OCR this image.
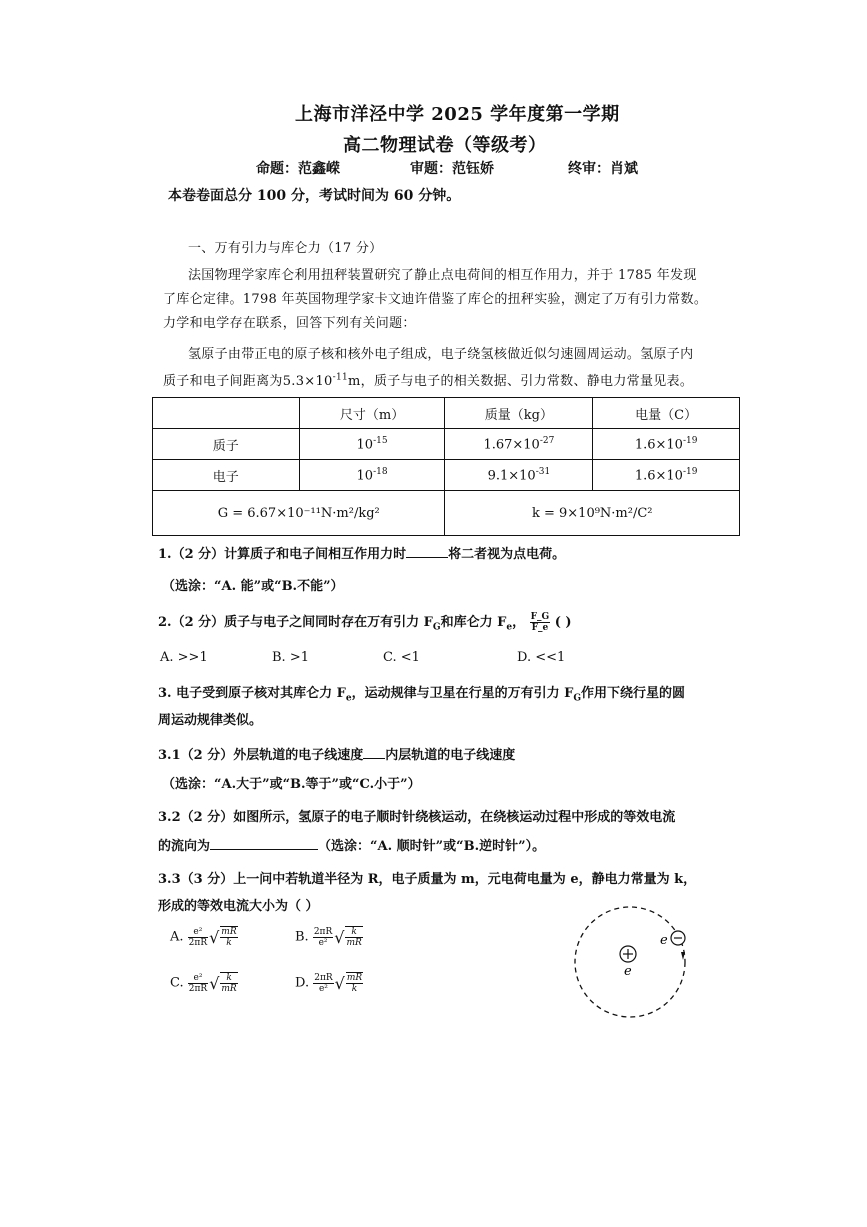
上海市洋泾中学 2025 学年度第一学期
高二物理试卷（等级考）
命题：范鑫嵘	审题：范钰娇	终审：肖斌
本卷卷面总分 100 分，考试时间为 60 分钟。
一、万有引力与库仑力（17 分）
法国物理学家库仑利用扭秤装置研究了静止点电荷间的相互作用力，并于 1785 年发现
了库仑定律。1798 年英国物理学家卡文迪许借鉴了库仑的扭秤实验，测定了万有引力常数。
力学和电学存在联系，回答下列有关问题：
氢原子由带正电的原子核和核外电子组成，电子绕氢核做近似匀速圆周运动。氢原子内
质子和电子间距离为$5.3\times 10^{-11}m$，质子与电子的相关数据、引力常数、静电力常量见表。
	尺寸（m）	质量（kg）	电量（C）
质子	$10^{-15}$	$1.67\times 10^{-27}$	$1.6\times 10^{-19}$
电子	$10^{-18}$	$9.1\times 10^{-31}$	$1.6\times 10^{-19}$
G = 6.67×10⁻¹¹N·m²/kg²		k = 9×10⁹N·m²/C²	
1.（2 分）计算质子和电子间相互作用力时	将二者视为点电荷。
（选涂：“A. 能”或“B.不能”）
2.（2 分）质子与电子之间同时存在万有引力 $F_G$和库仑力 $F_e$， $\frac{F\_G}{F\_e}$ ( )
A. >>1	B. >1	C. <1	D. <<1
3. 电子受到原子核对其库仑力 $F_e$，运动规律与卫星在行星的万有引力 $F_G$作用下绕行星的圆
周运动规律类似。
3.1（2 分）外层轨道的电子线速度 内层轨道的电子线速度
（选涂：“A.大于”或“B.等于”或“C.小于”）
3.2（2 分）如图所示，氢原子的电子顺时针绕核运动，在绕核运动过程中形成的等效电流
的流向为	（选涂：“A. 顺时针”或“B.逆时针”）。
3.3（3 分）上一问中若轨道半径为 R，电子质量为 m，元电荷电量为 e，静电力常量为 k，
形成的等效电流大小为（ ）
A. $\frac{\text{e²}}{2\pi R}$ √ $\frac{mR}{k}$	B. $\frac{2\pi R}{\text{e²}}$ √ $\frac{k}{mR}$
C. $\frac{\text{e²}}{2\pi R}$ √ $\frac{k}{mR}$	D. $\frac{2\pi R}{\text{e²}}$ √ $\frac{mR}{k}$
e
e
